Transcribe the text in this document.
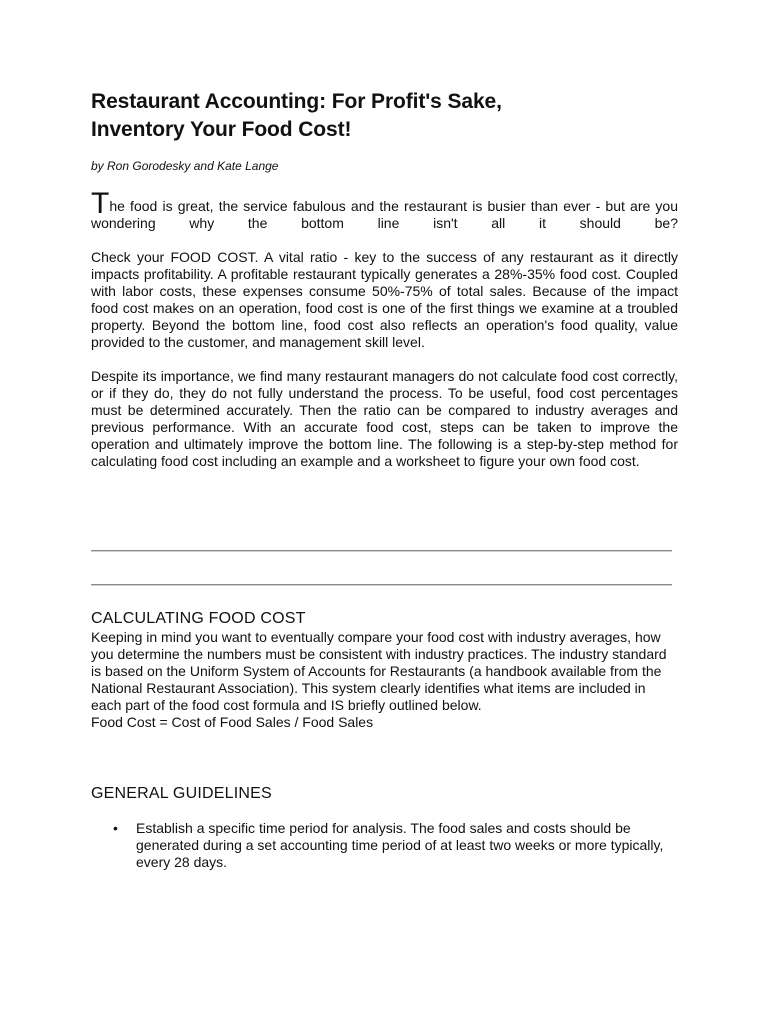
Restaurant Accounting: For Profit's Sake,
Inventory Your Food Cost!

by Ron Gorodesky and Kate Lange

The food is great, the service fabulous and the restaurant is busier than ever - but are you wondering why the bottom line isn't all it should be?

Check your FOOD COST. A vital ratio - key to the success of any restaurant as it directly impacts profitability. A profitable restaurant typically generates a 28%-35% food cost. Coupled with labor costs, these expenses consume 50%-75% of total sales. Because of the impact food cost makes on an operation, food cost is one of the first things we examine at a troubled property. Beyond the bottom line, food cost also reflects an operation's food quality, value provided to the customer, and management skill level.

Despite its importance, we find many restaurant managers do not calculate food cost correctly, or if they do, they do not fully understand the process. To be useful, food cost percentages must be determined accurately. Then the ratio can be compared to industry averages and previous performance. With an accurate food cost, steps can be taken to improve the operation and ultimately improve the bottom line. The following is a step-by-step method for calculating food cost including an example and a worksheet to figure your own food cost.

CALCULATING FOOD COST

Keeping in mind you want to eventually compare your food cost with industry averages, how you determine the numbers must be consistent with industry practices. The industry standard is based on the Uniform System of Accounts for Restaurants (a handbook available from the National Restaurant Association). This system clearly identifies what items are included in each part of the food cost formula and IS briefly outlined below.

Food Cost = Cost of Food Sales / Food Sales

GENERAL GUIDELINES
• Establish a specific time period for analysis. The food sales and costs should be generated during a set accounting time period of at least two weeks or more typically, every 28 days.
